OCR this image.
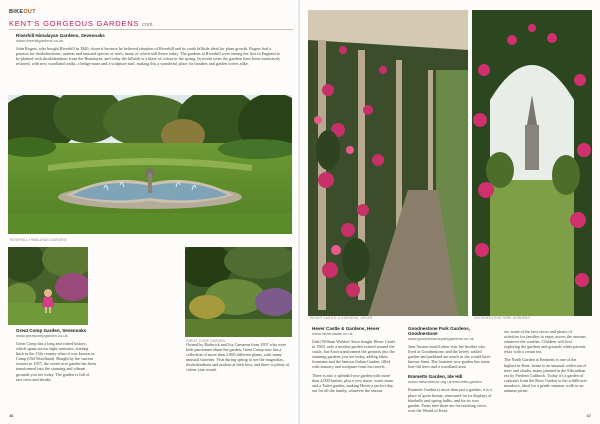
BIKEOUT
KENT'S GORGEOUS GARDENS cont.
Riverhill Himalayan Gardens, Sevenoaks
www.riverhillgardens.co.uk

John Rogers, who bought Riverhill in 1840, chose it because he believed situation of Riverhill and its south hillside ideal for plant growth. Rogers had a passion for rhododendrons, azaleas and unusual species of trees, many of which still thrive today. The gardens at Riverhill were among the first in England to be planted with rhododendrons from the Himalayas, and today the hillside is a blaze of colour in the spring. In recent years the gardens have been extensively restored, with new woodland walks, a hedge maze and a sculpture trail, making this a wonderful place for families and garden lovers alike.

RIVERHILL HIMALAYAN GARDENS
GREAT COMP GARDEN
Great Comp Garden, Sevenoaks
www.greatcompgarden.co.uk

Great Comp has a long and varied history, which spans across eight centuries, starting back in the 13th century when it was known as Camp (Old Woodland). Bought by the current owners in 1957, the seven-acre garden has been transformed into the stunning and vibrant grounds you see today. The garden is full of rare trees and shrubs.

Owned by Roderick and Joy Cameron from 1957 who were both passionate about the garden, Great Comp now has a collection of more than 3,000 different plants, with many unusual varieties. Visit during spring to see the magnolias, rhododendrons and azaleas at their best, and there is plenty of colour year round.

46
HEVER CASTLE & GARDENS, HEVER	GOODNESTONE PARK GARDENS
Hever Castle & Gardens, Hever
www.hevercastle.co.uk

Until William Waldorf Astor bought Hever Castle in 1903, only a modest garden existed around the castle, but Astor transformed the grounds into the stunning gardens you see today, adding lakes, fountains and the famous Italian Garden, filled with statuary and sculpture from his travels.

There is also a splendid rose garden with more than 4,000 bushes, plus a yew maze, water maze and a Tudor garden, making Hever a perfect day out for all the family, whatever the season.

Goodnestone Park Gardens, Goodnestone
www.goodnestoneparkgardens.co.uk

Jane Austen would often visit her brother who lived at Goodnestone, and the lovely walled garden and parkland are much as she would have known them. The fourteen-acre garden has some fine old trees and a woodland area.

Emmetts Garden, Ide Hill
www.nationaltrust.org.uk/emmetts-garden

Emmetts Garden is more than just a garden; it is a place of great beauty, renowned for its displays of bluebells and spring bulbs, and for its rose garden. From here there are far-reaching views over the Weald of Kent.

set, some of the best views and plenty of activities for families to enjoy across the seasons, whatever the weather. Children will love exploring the gardens and grounds while parents relax with a cream tea.

The North Garden at Emmetts is one of the highest in Kent, home to an unusual collection of trees and shrubs, many planted in the Edwardian era by Frederic Lubbock. Today it's a garden of contrasts from the Rose Garden to the wildflower meadows, ideal for a gentle summer walk or an autumn picnic.

47
